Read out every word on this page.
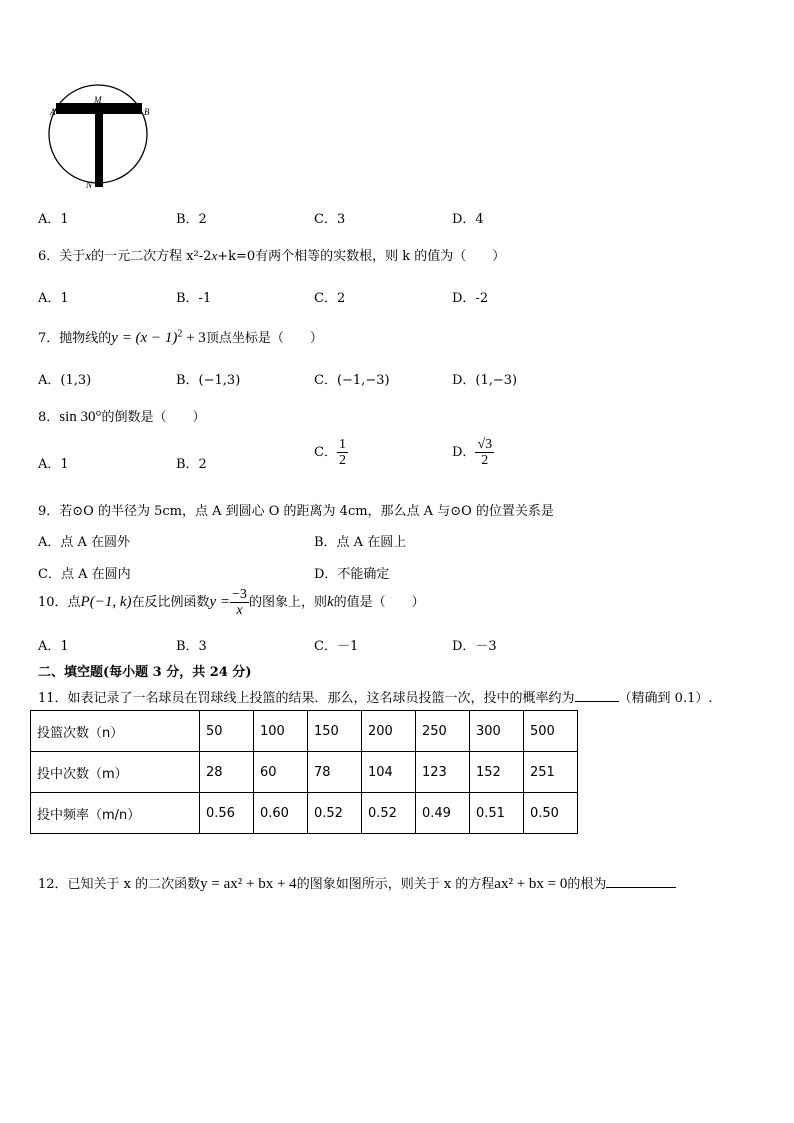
A
M
B
N
A．1	B．2	C．3	D．4
6．关于x的一元二次方程 x²-2x+k=0有两个相等的实数根，则 k 的值为（　　）
A．1	B．-1	C．2	D．-2
7．抛物线的$y = (x - 1)^2 + 3$顶点坐标是（　　）
A．(1,3)	B．(−1,3)	C．(−1,−3)	D．(1,−3)
8．sin 30°的倒数是（　　）
A．1	B．2
C． $\frac{1}{2}$	D． $\frac{√3}{2}$
9．若⊙O 的半径为 5cm，点 A 到圆心 O 的距离为 4cm，那么点 A 与⊙O 的位置关系是
A．点 A 在圆外	B．点 A 在圆上
C．点 A 在圆内	D．不能确定
10．点P(−1, k)在反比例函数$y = \frac{-3}{x}$ 的图象上，则k的值是（　　）
A．1	B．3	C．－1	D．－3
二、填空题(每小题 3 分，共 24 分)
11．如表记录了一名球员在罚球线上投篮的结果．那么，这名球员投篮一次，投中的概率约为	（精确到 0.1）.
投篮次数（n）	50	100	150	200	250	300	500
投中次数（m）	28	60	78	104	123	152	251
投中频率（m/n）	0.56	0.60	0.52	0.52	0.49	0.51	0.50
12．已知关于 x 的二次函数y = ax² + bx + 4的图象如图所示，则关于 x 的方程ax² + bx = 0的根为
